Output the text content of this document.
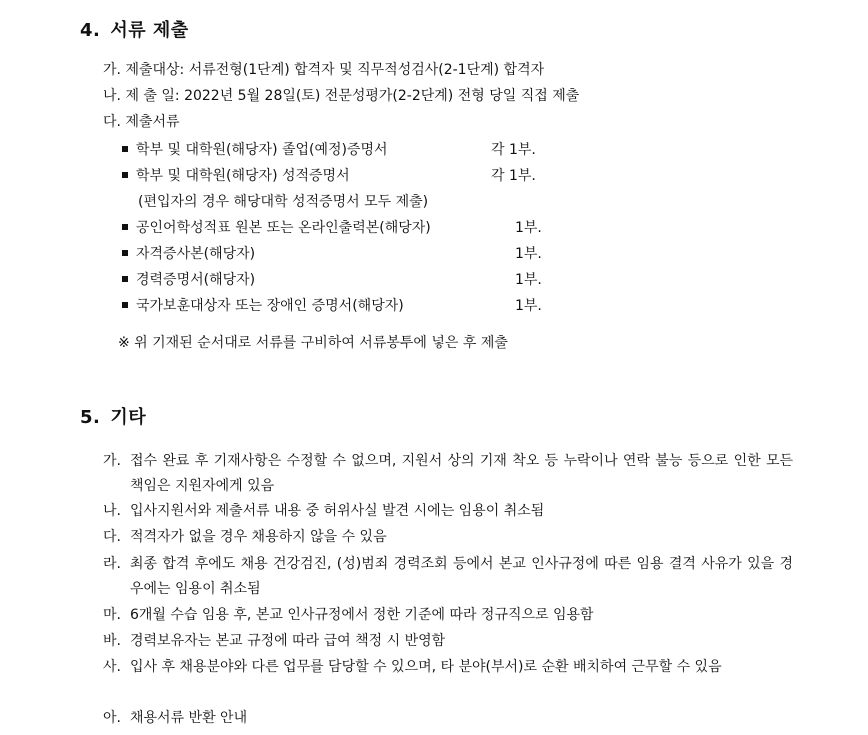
4. 서류 제출
가. 제출대상: 서류전형(1단계) 합격자 및 직무적성검사(2-1단계) 합격자
나. 제 출 일: 2022년 5월 28일(토) 전문성평가(2-2단계) 전형 당일 직접 제출
다. 제출서류
학부 및 대학원(해당자) 졸업(예정)증명서	각 1부.
학부 및 대학원(해당자) 성적증명서	각 1부.
(편입자의 경우 해당대학 성적증명서 모두 제출)
공인어학성적표 원본 또는 온라인출력본(해당자)	1부.
자격증사본(해당자)	1부.
경력증명서(해당자)	1부.
국가보훈대상자 또는 장애인 증명서(해당자)	1부.
※ 위 기재된 순서대로 서류를 구비하여 서류봉투에 넣은 후 제출
5. 기타
가. 접수 완료 후 기재사항은 수정할 수 없으며, 지원서 상의 기재 착오 등 누락이나 연락 불능 등으로 인한 모든 책임은 지원자에게 있음
나. 입사지원서와 제출서류 내용 중 허위사실 발견 시에는 임용이 취소됨
다. 적격자가 없을 경우 채용하지 않을 수 있음
라. 최종 합격 후에도 채용 건강검진, (성)범죄 경력조회 등에서 본교 인사규정에 따른 임용 결격 사유가 있을 경우에는 임용이 취소됨
마. 6개월 수습 임용 후, 본교 인사규정에서 정한 기준에 따라 정규직으로 임용함
바. 경력보유자는 본교 규정에 따라 급여 책정 시 반영함
사. 입사 후 채용분야와 다른 업무를 담당할 수 있으며, 타 분야(부서)로 순환 배치하여 근무할 수 있음
아. 채용서류 반환 안내
